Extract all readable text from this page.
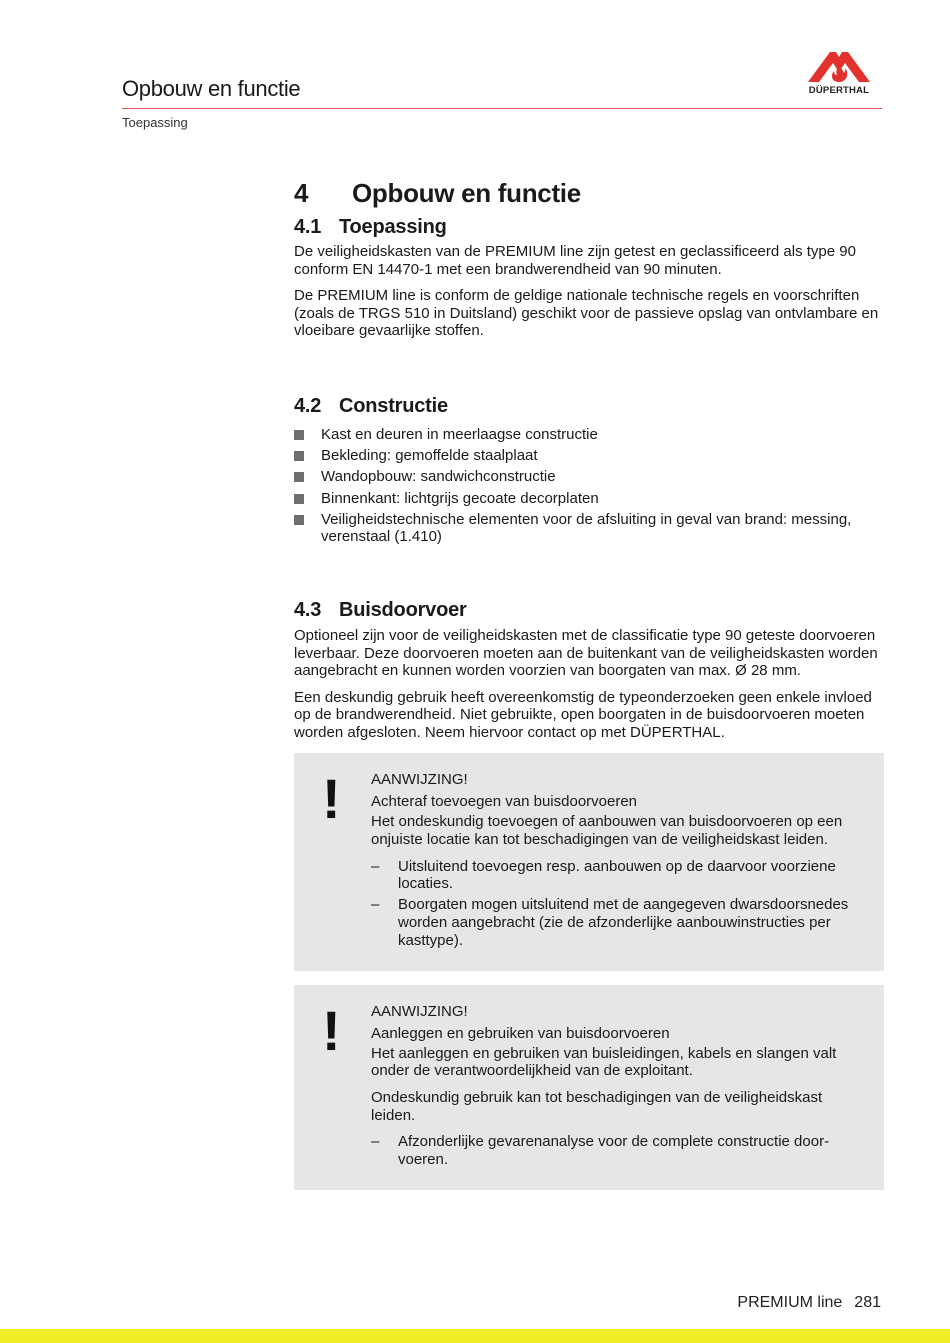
Opbouw en functie
Toepassing
DÜPERTHAL
4 Opbouw en functie
4.1 Toepassing

De veiligheidskasten van de PREMIUM line zijn getest en geclassificeerd als type 90 conform EN 14470-1 met een brandwerendheid van 90 minuten.

De PREMIUM line is conform de geldige nationale technische regels en voorschriften (zoals de TRGS 510 in Duitsland) geschikt voor de passieve opslag van ontvlambare en vloeibare gevaarlijke stoffen.

4.2 Constructie
Kast en deuren in meerlaagse constructie
Bekleding: gemoffelde staalplaat
Wandopbouw: sandwichconstructie
Binnenkant: lichtgrijs gecoate decorplaten
Veiligheidstechnische elementen voor de afsluiting in geval van brand: messing, verenstaal (1.410)
4.3 Buisdoorvoer

Optioneel zijn voor de veiligheidskasten met de classificatie type 90 geteste doorvoeren leverbaar. Deze doorvoeren moeten aan de buitenkant van de veiligheidskasten worden aangebracht en kunnen worden voorzien van boorgaten van max. Ø 28 mm.

Een deskundig gebruik heeft overeenkomstig de typeonderzoeken geen enkele invloed op de brandwerendheid. Niet gebruikte, open boorgaten in de buisdoorvoeren moeten worden afgesloten. Neem hiervoor contact op met DÜPERTHAL.

! AANWIJZING!
Achteraf toevoegen van buisdoorvoeren

Het ondeskundig toevoegen of aanbouwen van buisdoorvoeren op een onjuiste locatie kan tot beschadigingen van de veiligheidskast leiden.

– Uitsluitend toevoegen resp. aanbouwen op de daarvoor voorziene locaties.
– Boorgaten mogen uitsluitend met de aangegeven dwarsdoorsnedes worden aangebracht (zie de afzonderlijke aanbouwinstructies per kasttype).
! AANWIJZING!
Aanleggen en gebruiken van buisdoorvoeren

Het aanleggen en gebruiken van buisleidingen, kabels en slangen valt onder de verantwoordelijkheid van de exploitant.

Ondeskundig gebruik kan tot beschadigingen van de veiligheidskast leiden.

– Afzonderlijke gevarenanalyse voor de complete constructie door-voeren.
PREMIUM line 281
